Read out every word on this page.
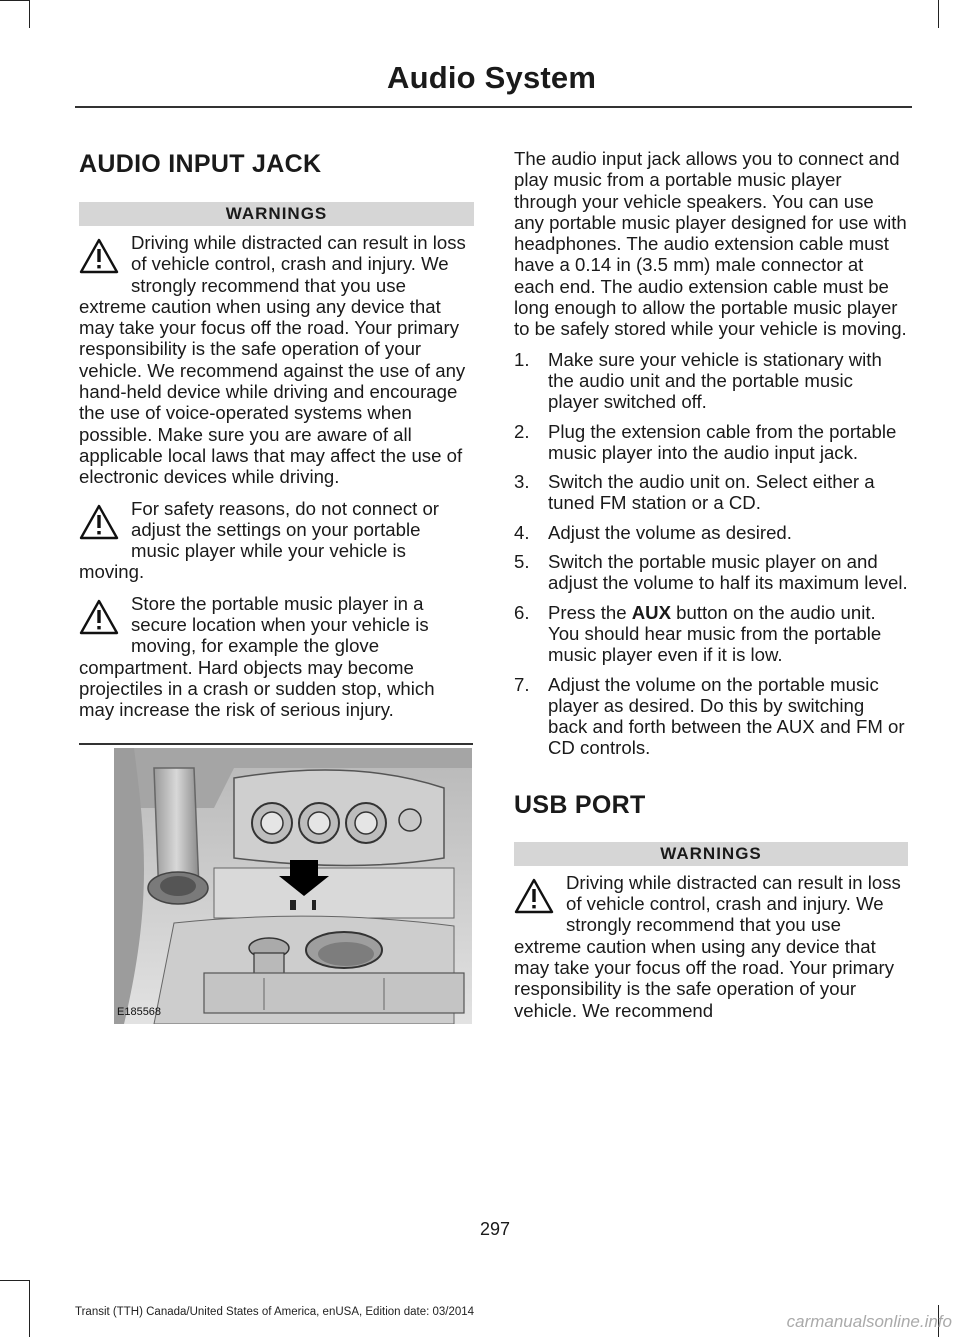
Audio System
AUDIO INPUT JACK
WARNINGS

Driving while distracted can result in loss of vehicle control, crash and injury. We strongly recommend that you use extreme caution when using any device that may take your focus off the road. Your primary responsibility is the safe operation of your vehicle. We recommend against the use of any hand-held device while driving and encourage the use of voice-operated systems when possible. Make sure you are aware of all applicable local laws that may affect the use of electronic devices while driving.

For safety reasons, do not connect or adjust the settings on your portable music player while your vehicle is moving.

Store the portable music player in a secure location when your vehicle is moving, for example the glove compartment. Hard objects may become projectiles in a crash or sudden stop, which may increase the risk of serious injury.

E185568

The audio input jack allows you to connect and play music from a portable music player through your vehicle speakers. You can use any portable music player designed for use with headphones. The audio extension cable must have a 0.14 in (3.5 mm) male connector at each end. The audio extension cable must be long enough to allow the portable music player to be safely stored while your vehicle is moving.

1. Make sure your vehicle is stationary with the audio unit and the portable music player switched off.
2. Plug the extension cable from the portable music player into the audio input jack.
3. Switch the audio unit on. Select either a tuned FM station or a CD.
4. Adjust the volume as desired.
5. Switch the portable music player on and adjust the volume to half its maximum level.
6. Press the AUX button on the audio unit. You should hear music from the portable music player even if it is low.
7. Adjust the volume on the portable music player as desired. Do this by switching back and forth between the AUX and FM or CD controls.
USB PORT
WARNINGS

Driving while distracted can result in loss of vehicle control, crash and injury. We strongly recommend that you use extreme caution when using any device that may take your focus off the road. Your primary responsibility is the safe operation of your vehicle. We recommend

297
Transit (TTH) Canada/United States of America, enUSA, Edition date: 03/2014	carmanualsonline.info
